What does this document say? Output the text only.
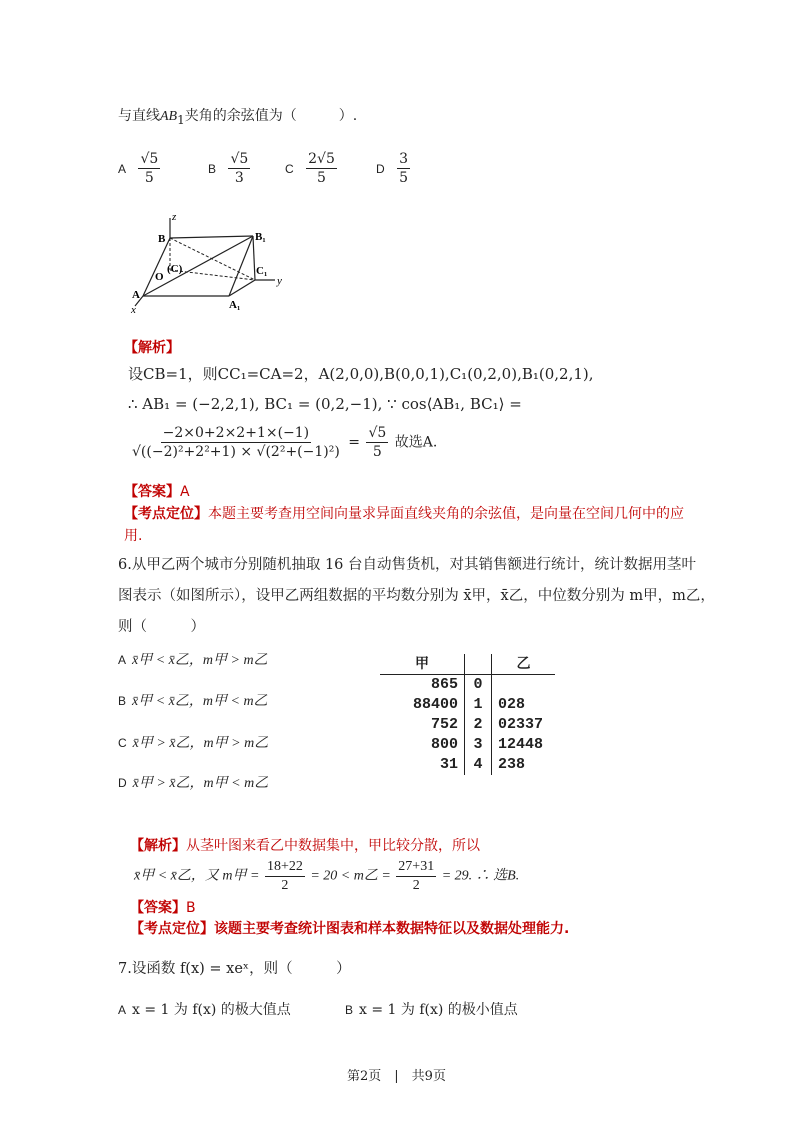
与直线$AB_1$夹角的余弦值为（　　　）.
A $\frac{√5}{5}$	B $\frac{√5}{3}$	C $\frac{2√5}{5}$	D $\frac{3}{5}$
z
y
x
B	B₁
C₁
A
A₁
O
(C)
【解析】
设CB=1，则CC₁=CA=2，A(2,0,0),B(0,0,1),C₁(0,2,0),B₁(0,2,1),
∴ AB₁ = (−2,2,1), BC₁ = (0,2,−1), ∵ cos⟨AB₁, BC₁⟩ =
$\frac{-2\times 0+2\times 2+1\times(-1)}{\text{√((−2)²+2²+1) × √(2²+(−1)²)}} = \frac{√5}{5}$ 故选A.
【答案】A
【考点定位】本题主要考查用空间向量求异面直线夹角的余弦值，是向量在空间几何中的应
用.
6.从甲乙两个城市分别随机抽取 16 台自动售货机，对其销售额进行统计，统计数据用茎叶
图表示（如图所示），设甲乙两组数据的平均数分别为 x̄甲，x̄乙，中位数分别为 m甲，m乙，
则（　　　）
A x̄甲 < x̄乙，m甲 > m乙
B x̄甲 < x̄乙，m甲 < m乙
C x̄甲 > x̄乙，m甲 > m乙
D x̄甲 > x̄乙，m甲 < m乙
甲		乙
865	0	
88400	1	028
752	2	02337
800	3	12448
31	4	238
【解析】从茎叶图来看乙中数据集中，甲比较分散，所以
x̄甲 < x̄乙，又 m甲 = $\frac{18+22}{2} = 20 < m$乙 = $\frac{27+31}{2} = 29$. ∴ 选B.
【答案】B
【考点定位】该题主要考查统计图表和样本数据特征以及数据处理能力.
7.设函数 f(x) = xeˣ，则（　　　）
A x = 1 为 f(x) 的极大值点	B x = 1 为 f(x) 的极小值点
第2页　|　共9页
